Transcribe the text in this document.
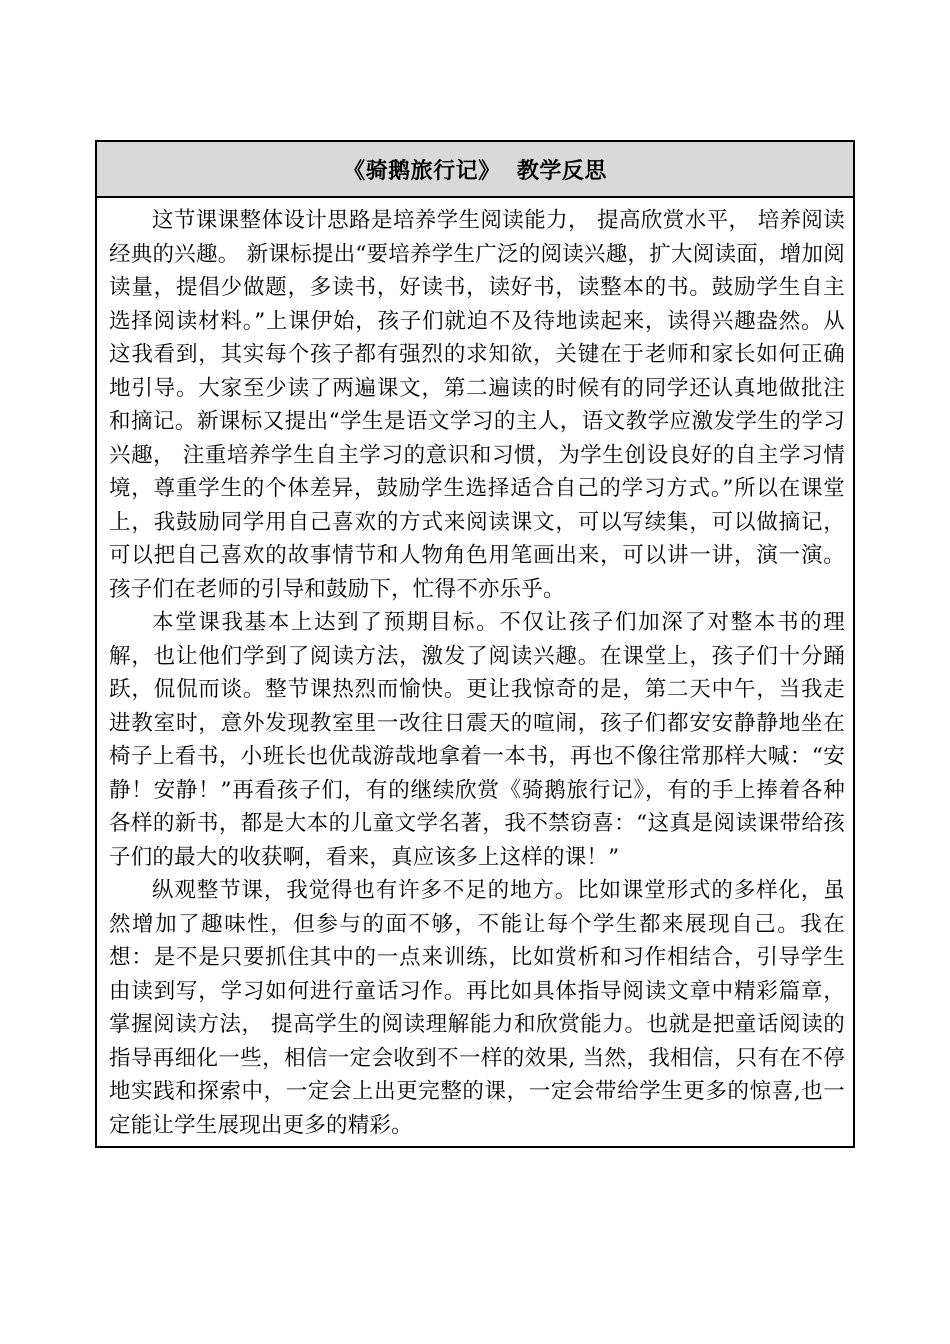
《骑鹅旅行记》  教学反思

这节课课整体设计思路是培养学生阅读能力， 提高欣赏水平， 培养阅读经典的兴趣。 新课标提出“要培养学生广泛的阅读兴趣，扩大阅读面，增加阅读量，提倡少做题，多读书，好读书，读好书，读整本的书。鼓励学生自主选择阅读材料。”上课伊始，孩子们就迫不及待地读起来，读得兴趣盎然。从这我看到，其实每个孩子都有强烈的求知欲，关键在于老师和家长如何正确地引导。大家至少读了两遍课文，第二遍读的时候有的同学还认真地做批注和摘记。新课标又提出“学生是语文学习的主人，语文教学应激发学生的学习兴趣， 注重培养学生自主学习的意识和习惯，为学生创设良好的自主学习情境，尊重学生的个体差异，鼓励学生选择适合自己的学习方式。”所以在课堂上，我鼓励同学用自己喜欢的方式来阅读课文，可以写续集，可以做摘记，可以把自己喜欢的故事情节和人物角色用笔画出来，可以讲一讲，演一演。孩子们在老师的引导和鼓励下，忙得不亦乐乎。

本堂课我基本上达到了预期目标。不仅让孩子们加深了对整本书的理解，也让他们学到了阅读方法，激发了阅读兴趣。在课堂上，孩子们十分踊跃，侃侃而谈。整节课热烈而愉快。更让我惊奇的是，第二天中午，当我走进教室时，意外发现教室里一改往日震天的喧闹，孩子们都安安静静地坐在椅子上看书，小班长也优哉游哉地拿着一本书，再也不像往常那样大喊：“安静！安静！”再看孩子们，有的继续欣赏《骑鹅旅行记》，有的手上捧着各种各样的新书，都是大本的儿童文学名著，我不禁窃喜：“这真是阅读课带给孩子们的最大的收获啊，看来，真应该多上这样的课！”

纵观整节课，我觉得也有许多不足的地方。比如课堂形式的多样化，虽然增加了趣味性，但参与的面不够，不能让每个学生都来展现自己。我在想：是不是只要抓住其中的一点来训练，比如赏析和习作相结合，引导学生由读到写，学习如何进行童话习作。再比如具体指导阅读文章中精彩篇章， 掌握阅读方法， 提高学生的阅读理解能力和欣赏能力。也就是把童话阅读的指导再细化一些，相信一定会收到不一样的效果, 当然，我相信，只有在不停地实践和探索中，一定会上出更完整的课，一定会带给学生更多的惊喜,也一定能让学生展现出更多的精彩。
